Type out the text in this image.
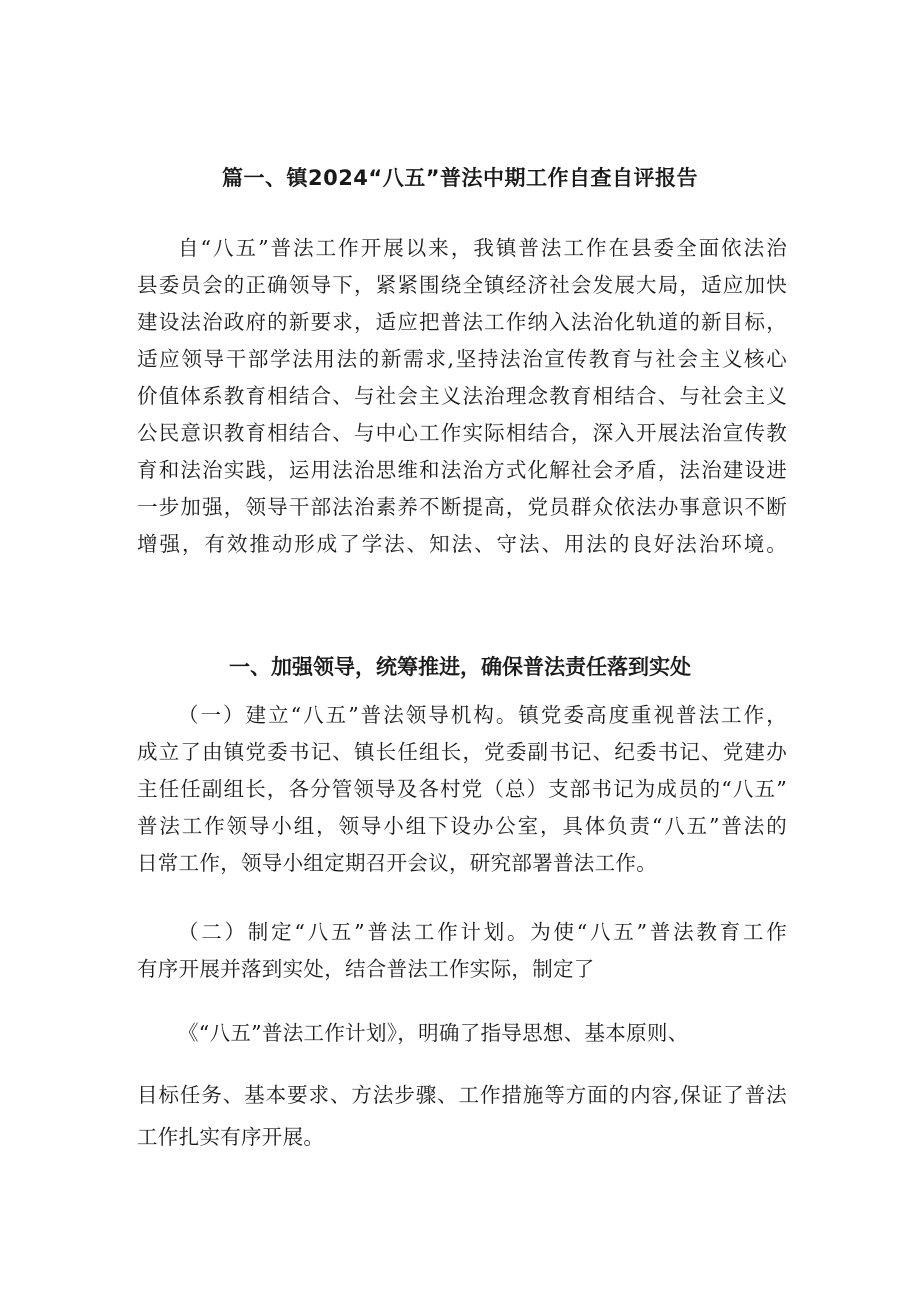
篇一、镇2024“八五”普法中期工作自查自评报告
自“八五”普法工作开展以来，我镇普法工作在县委全面依法治
县委员会的正确领导下，紧紧围绕全镇经济社会发展大局，适应加快
建设法治政府的新要求，适应把普法工作纳入法治化轨道的新目标，
适应领导干部学法用法的新需求,坚持法治宣传教育与社会主义核心
价值体系教育相结合、与社会主义法治理念教育相结合、与社会主义
公民意识教育相结合、与中心工作实际相结合，深入开展法治宣传教
育和法治实践，运用法治思维和法治方式化解社会矛盾，法治建设进
一步加强，领导干部法治素养不断提高，党员群众依法办事意识不断
增强，有效推动形成了学法、知法、守法、用法的良好法治环境。
一、加强领导，统筹推进，确保普法责任落到实处
（一）建立“八五”普法领导机构。镇党委高度重视普法工作，
成立了由镇党委书记、镇长任组长，党委副书记、纪委书记、党建办
主任任副组长，各分管领导及各村党（总）支部书记为成员的“八五”
普法工作领导小组，领导小组下设办公室，具体负责“八五”普法的
日常工作，领导小组定期召开会议，研究部署普法工作。
（二）制定“八五”普法工作计划。为使“八五”普法教育工作
有序开展并落到实处，结合普法工作实际，制定了
《“八五”普法工作计划》，明确了指导思想、基本原则、
目标任务、基本要求、方法步骤、工作措施等方面的内容,保证了普法
工作扎实有序开展。
